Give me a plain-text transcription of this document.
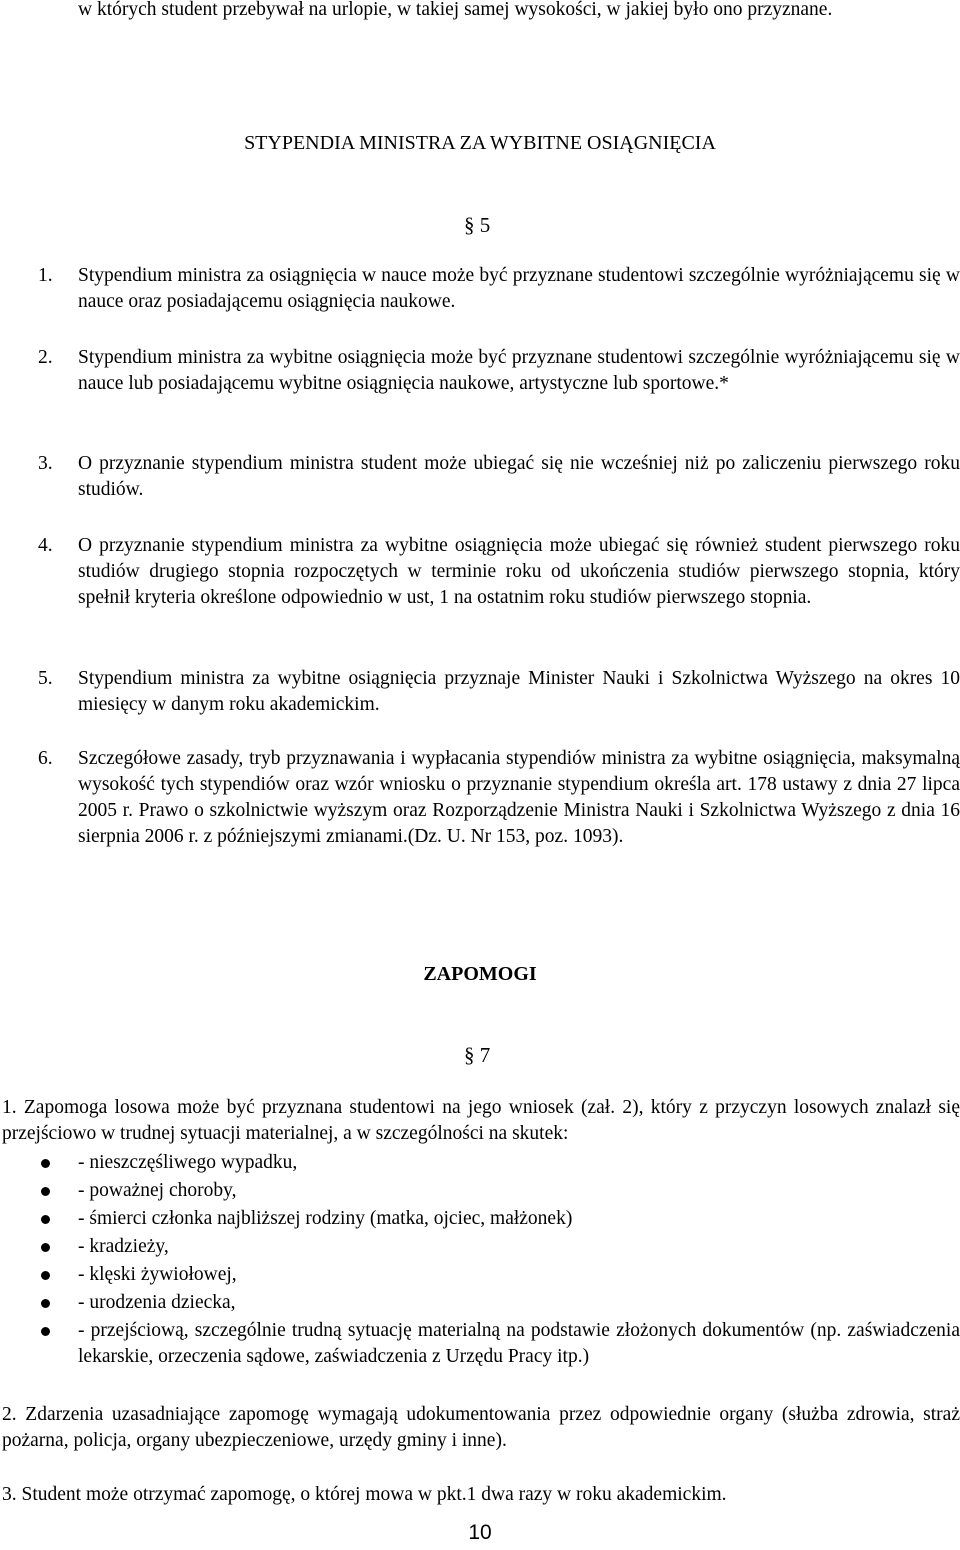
w których student przebywał na urlopie, w takiej samej wysokości, w jakiej było ono przyznane.
STYPENDIA MINISTRA ZA WYBITNE OSIĄGNIĘCIA
§ 5
1. Stypendium ministra za osiągnięcia w nauce może być przyznane studentowi szczególnie wyróżniającemu się w nauce oraz posiadającemu osiągnięcia naukowe.
2. Stypendium ministra za wybitne osiągnięcia może być przyznane studentowi szczególnie wyróżniającemu się w nauce lub posiadającemu wybitne osiągnięcia naukowe, artystyczne lub sportowe.*
3. O przyznanie stypendium ministra student może ubiegać się nie wcześniej niż po zaliczeniu pierwszego roku studiów.
4. O przyznanie stypendium ministra za wybitne osiągnięcia może ubiegać się również student pierwszego roku studiów drugiego stopnia rozpoczętych w terminie roku od ukończenia studiów pierwszego stopnia, który spełnił kryteria określone odpowiednio w ust, 1 na ostatnim roku studiów pierwszego stopnia.
5. Stypendium ministra za wybitne osiągnięcia przyznaje Minister Nauki i Szkolnictwa Wyższego na okres 10 miesięcy w danym roku akademickim.
6. Szczegółowe zasady, tryb przyznawania i wypłacania stypendiów ministra za wybitne osiągnięcia, maksymalną wysokość tych stypendiów oraz wzór wniosku o przyznanie stypendium określa art. 178 ustawy z dnia 27 lipca 2005 r. Prawo o szkolnictwie wyższym oraz Rozporządzenie Ministra Nauki i Szkolnictwa Wyższego z dnia 16 sierpnia 2006 r. z późniejszymi zmianami.(Dz. U. Nr 153, poz. 1093).
ZAPOMOGI
§ 7
1. Zapomoga losowa może być przyznana studentowi na jego wniosek (zał. 2), który z przyczyn losowych znalazł się przejściowo w trudnej sytuacji materialnej, a w szczególności na skutek:
- nieszczęśliwego wypadku,
- poważnej choroby,
- śmierci członka najbliższej rodziny (matka, ojciec, małżonek)
- kradzieży,
- klęski żywiołowej,
- urodzenia dziecka,
- przejściową, szczególnie trudną sytuację materialną na podstawie złożonych dokumentów (np. zaświadczenia lekarskie, orzeczenia sądowe, zaświadczenia z Urzędu Pracy itp.)
2. Zdarzenia uzasadniające zapomogę wymagają udokumentowania przez odpowiednie organy (służba zdrowia, straż pożarna, policja, organy ubezpieczeniowe, urzędy gminy i inne).
3. Student może otrzymać zapomogę, o której mowa w pkt.1 dwa razy w roku akademickim.
10
